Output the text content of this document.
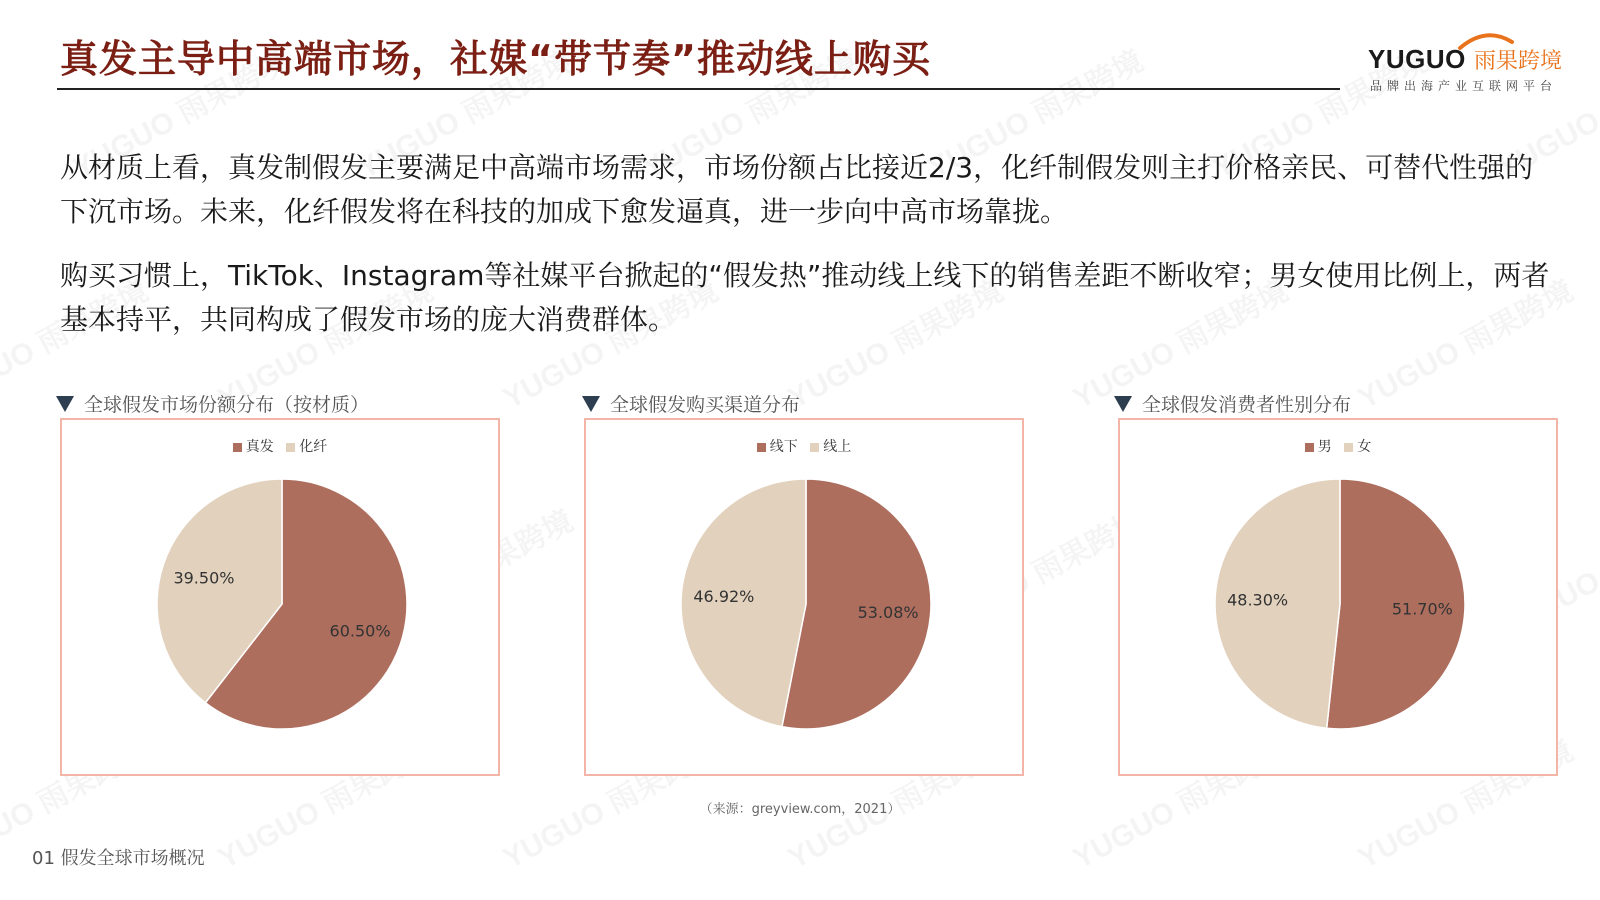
真发主导中高端市场，社媒“带节奏”推动线上购买	YUGUO 雨果跨境
品牌出海产业互联网平台

从材质上看，真发制假发主要满足中高端市场需求，市场份额占比接近2/3，化纤制假发则主打价格亲民、可替代性强的下沉市场。未来，化纤假发将在科技的加成下愈发逼真，进一步向中高市场靠拢。

购买习惯上，TikTok、Instagram等社媒平台掀起的“假发热”推动线上线下的销售差距不断收窄；男女使用比例上，两者基本持平，共同构成了假发市场的庞大消费群体。

全球假发市场份额分布（按材质）	全球假发购买渠道分布	全球假发消费者性别分布
真发 化纤
60.50%
39.50%
线下 线上
53.08%
46.92%
男 女
51.70%
48.30%
（来源：greyview.com，2021）
01 假发全球市场概况
